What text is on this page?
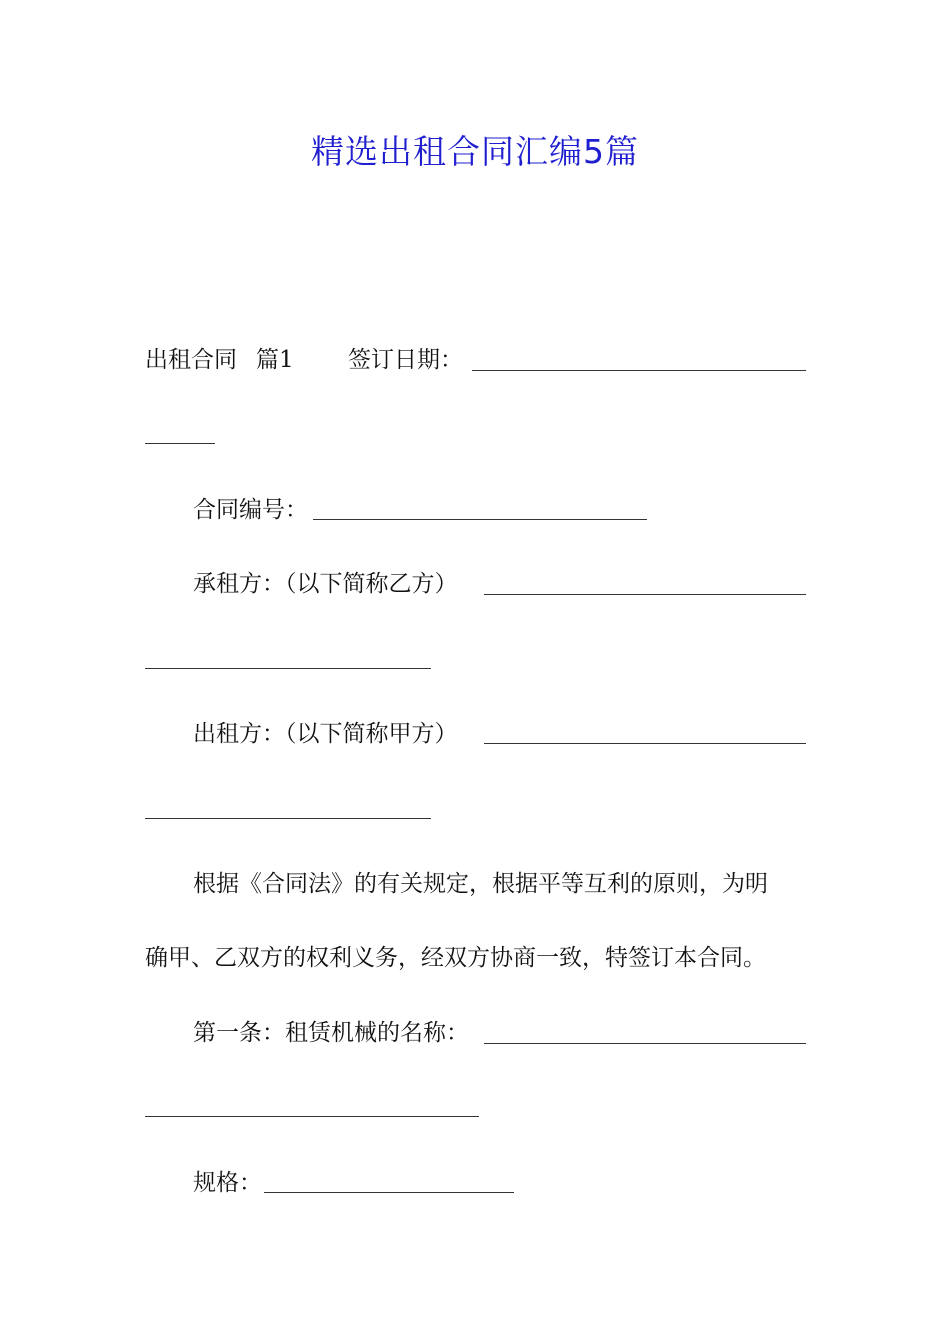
精选出租合同汇编5篇
出租合同 篇1 签订日期：
合同编号：
承租方：（以下简称乙方）
出租方：（以下简称甲方）
根据《合同法》的有关规定，根据平等互利的原则，为明
确甲、乙双方的权利义务，经双方协商一致，特签订本合同。
第一条：租赁机械的名称：
规格：
